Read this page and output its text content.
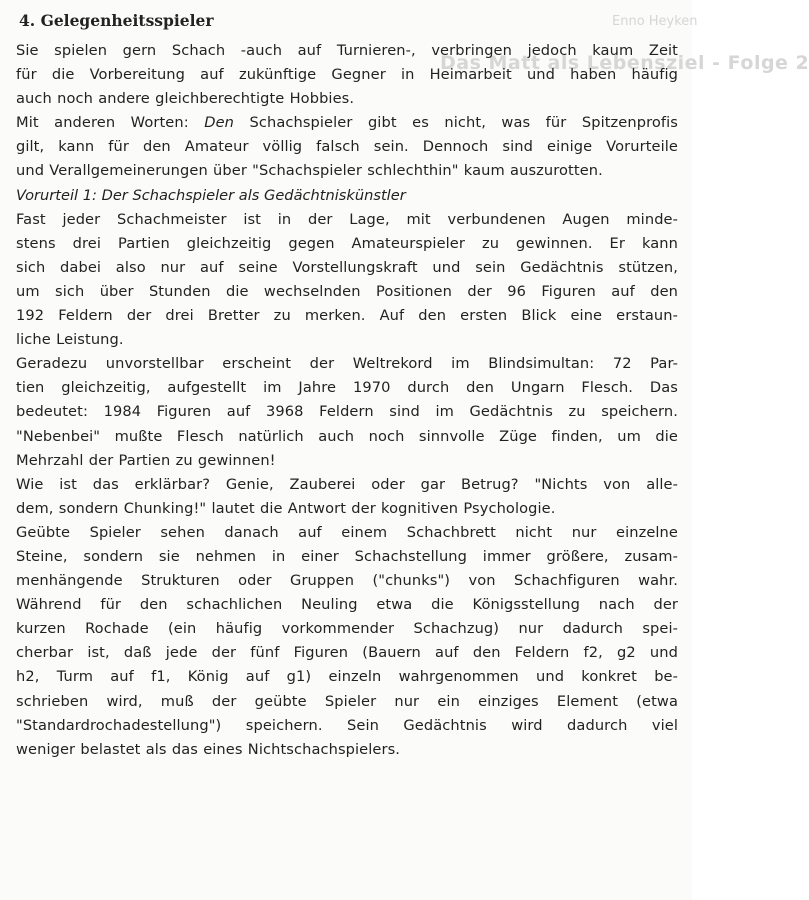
Enno Heyken

Das Matt als Lebensziel - Folge 2

4. Gelegenheitsspieler

Sie spielen gern Schach -auch auf Turnieren-, verbringen jedoch kaum Zeit
für die Vorbereitung auf zukünftige Gegner in Heimarbeit und haben häufig
auch noch andere gleichberechtigte Hobbies.

Mit anderen Worten: Den Schachspieler gibt es nicht, was für Spitzenprofis
gilt, kann für den Amateur völlig falsch sein. Dennoch sind einige Vorurteile
und Verallgemeinerungen über "Schachspieler schlechthin" kaum auszurotten.

Vorurteil 1: Der Schachspieler als Gedächtniskünstler

Fast jeder Schachmeister ist in der Lage, mit verbundenen Augen minde-
stens drei Partien gleichzeitig gegen Amateurspieler zu gewinnen. Er kann
sich dabei also nur auf seine Vorstellungskraft und sein Gedächtnis stützen,
um sich über Stunden die wechselnden Positionen der 96 Figuren auf den
192 Feldern der drei Bretter zu merken. Auf den ersten Blick eine erstaun-
liche Leistung.

Geradezu unvorstellbar erscheint der Weltrekord im Blindsimultan: 72 Par-
tien gleichzeitig, aufgestellt im Jahre 1970 durch den Ungarn Flesch. Das
bedeutet: 1984 Figuren auf 3968 Feldern sind im Gedächtnis zu speichern.
"Nebenbei" mußte Flesch natürlich auch noch sinnvolle Züge finden, um die
Mehrzahl der Partien zu gewinnen!

Wie ist das erklärbar? Genie, Zauberei oder gar Betrug? "Nichts von alle-
dem, sondern Chunking!" lautet die Antwort der kognitiven Psychologie.

Geübte Spieler sehen danach auf einem Schachbrett nicht nur einzelne
Steine, sondern sie nehmen in einer Schachstellung immer größere, zusam-
menhängende Strukturen oder Gruppen ("chunks") von Schachfiguren wahr.
Während für den schachlichen Neuling etwa die Königsstellung nach der
kurzen Rochade (ein häufig vorkommender Schachzug) nur dadurch spei-
cherbar ist, daß jede der fünf Figuren (Bauern auf den Feldern f2, g2 und
h2, Turm auf f1, König auf g1) einzeln wahrgenommen und konkret be-
schrieben wird, muß der geübte Spieler nur ein einziges Element (etwa
"Standardrochadestellung") speichern. Sein Gedächtnis wird dadurch viel
weniger belastet als das eines Nichtschachspielers.
